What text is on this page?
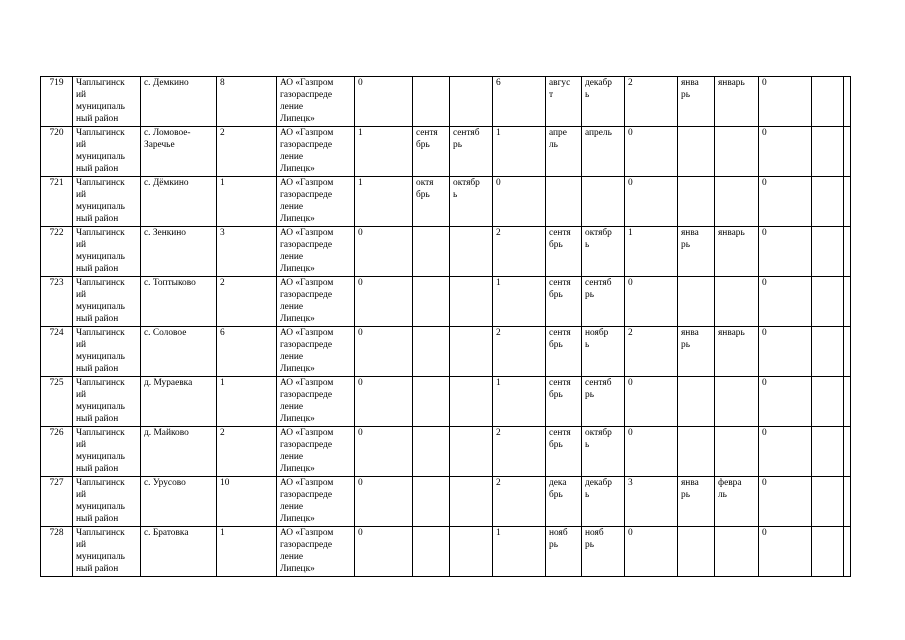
719	Чаплыгинск
ий
муниципаль
ный район	с. Демкино	8	АО «Газпром
газораспреде
ление
Липецк»	0			6	авгус
т	декабр
ь	2	янва
рь	январь	0		
720	Чаплыгинск
ий
муниципаль
ный район	с. Ломовое-
Заречье	2	АО «Газпром
газораспреде
ление
Липецк»	1	сентя
брь	сентяб
рь	1	апре
ль	апрель	0			0		
721	Чаплыгинск
ий
муниципаль
ный район	с. Дёмкино	1	АО «Газпром
газораспреде
ление
Липецк»	1	октя
брь	октябр
ь	0			0			0		
722	Чаплыгинск
ий
муниципаль
ный район	с. Зенкино	3	АО «Газпром
газораспреде
ление
Липецк»	0			2	сентя
брь	октябр
ь	1	янва
рь	январь	0		
723	Чаплыгинск
ий
муниципаль
ный район	с. Топтыково	2	АО «Газпром
газораспреде
ление
Липецк»	0			1	сентя
брь	сентяб
рь	0			0		
724	Чаплыгинск
ий
муниципаль
ный район	с. Соловое	6	АО «Газпром
газораспреде
ление
Липецк»	0			2	сентя
брь	ноябр
ь	2	янва
рь	январь	0		
725	Чаплыгинск
ий
муниципаль
ный район	д. Мураевка	1	АО «Газпром
газораспреде
ление
Липецк»	0			1	сентя
брь	сентяб
рь	0			0		
726	Чаплыгинск
ий
муниципаль
ный район	д. Майково	2	АО «Газпром
газораспреде
ление
Липецк»	0			2	сентя
брь	октябр
ь	0			0		
727	Чаплыгинск
ий
муниципаль
ный район	с. Урусово	10	АО «Газпром
газораспреде
ление
Липецк»	0			2	дека
брь	декабр
ь	3	янва
рь	феврa
ль	0		
728	Чаплыгинск
ий
муниципаль
ный район	с. Братовка	1	АО «Газпром
газораспреде
ление
Липецк»	0			1	нояб
рь	нояб
рь	0			0		
